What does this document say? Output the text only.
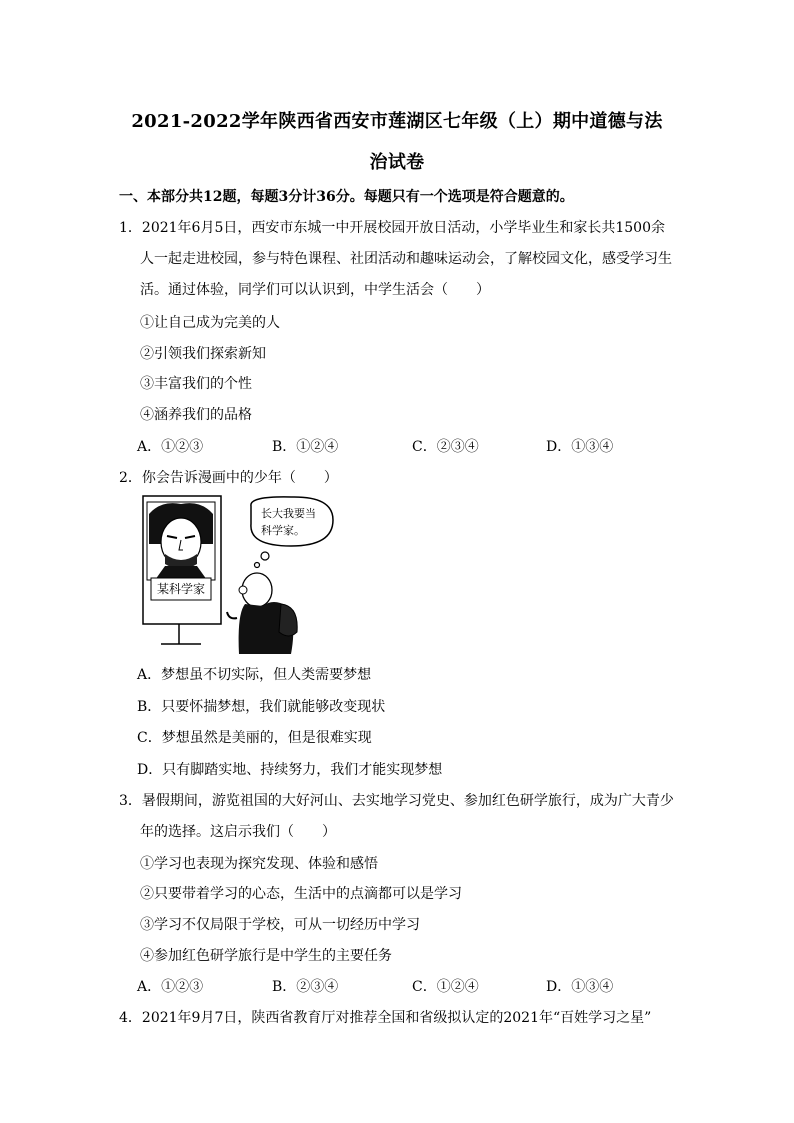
2021-2022学年陕西省西安市莲湖区七年级（上）期中道德与法
治试卷
一、本部分共12题，每题3分计36分。每题只有一个选项是符合题意的。
1．2021年6月5日，西安市东城一中开展校园开放日活动，小学毕业生和家长共1500余
人一起走进校园，参与特色课程、社团活动和趣味运动会，了解校园文化，感受学习生
活。通过体验，同学们可以认识到，中学生活会（　　）
①让自己成为完美的人
②引领我们探索新知
③丰富我们的个性
④涵养我们的品格
A．①②③	B．①②④	C．②③④	D．①③④
2．你会告诉漫画中的少年（　　）
某科学家
长大我要当
科学家。
A．梦想虽不切实际，但人类需要梦想
B．只要怀揣梦想，我们就能够改变现状
C．梦想虽然是美丽的，但是很难实现
D．只有脚踏实地、持续努力，我们才能实现梦想
3．暑假期间，游览祖国的大好河山、去实地学习党史、参加红色研学旅行，成为广大青少
年的选择。这启示我们（　　）
①学习也表现为探究发现、体验和感悟
②只要带着学习的心态，生活中的点滴都可以是学习
③学习不仅局限于学校，可从一切经历中学习
④参加红色研学旅行是中学生的主要任务
A．①②③	B．②③④	C．①②④	D．①③④
4．2021年9月7日，陕西省教育厅对推荐全国和省级拟认定的2021年“百姓学习之星”
